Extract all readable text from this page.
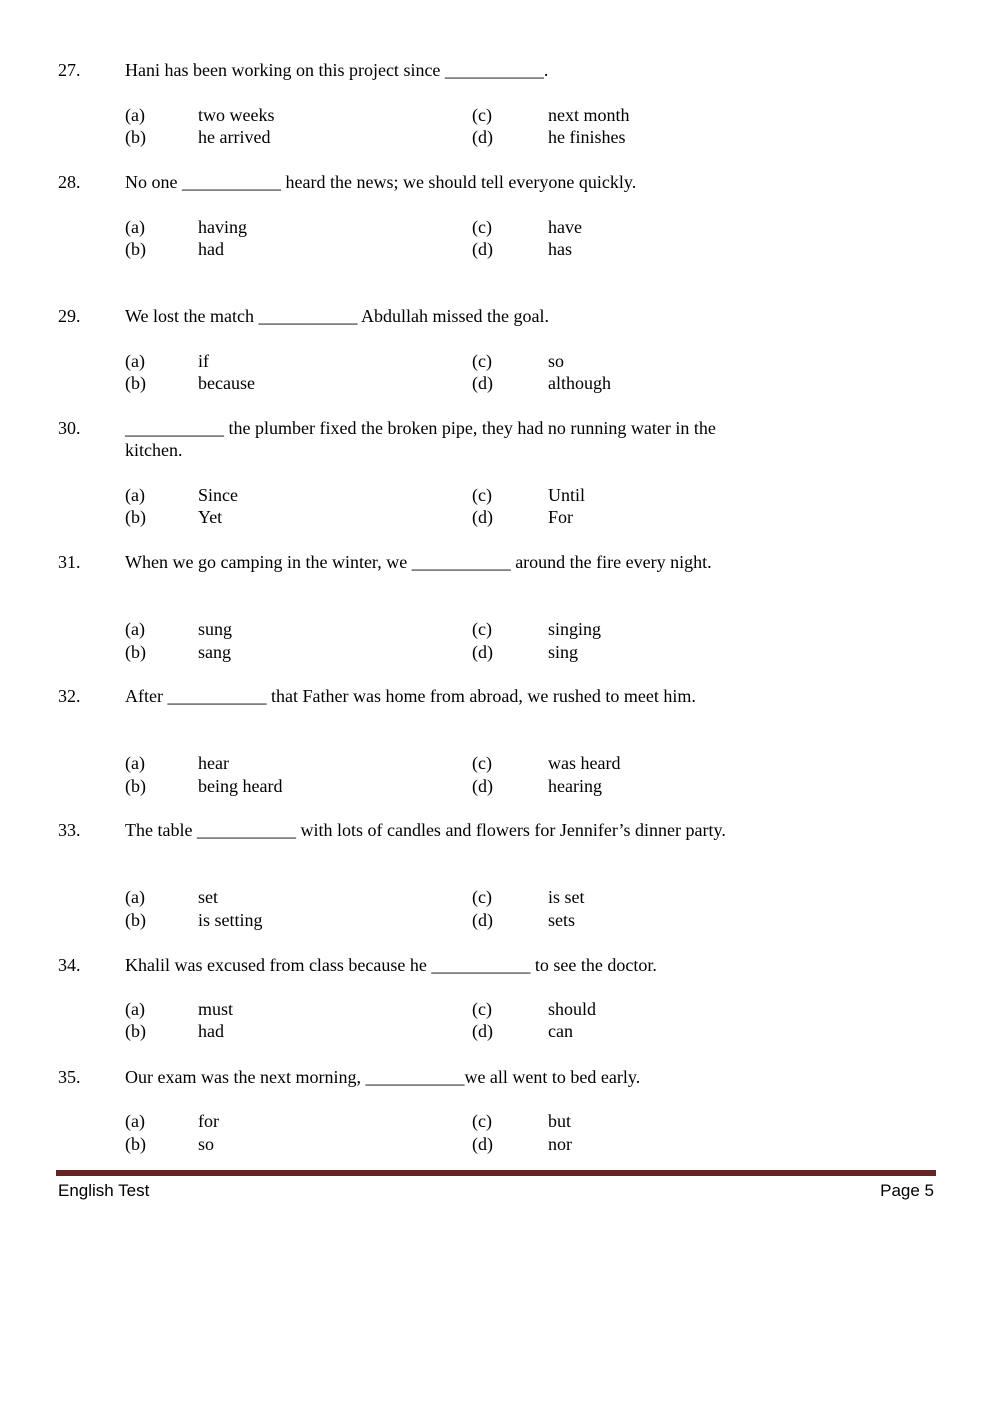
27. Hani has been working on this project since ___________.
(a)	two weeks	(c)	next month
(b)	he arrived	(d)	he finishes
28. No one ___________ heard the news; we should tell everyone quickly.
(a)	having	(c)	have
(b)	had	(d)	has
29. We lost the match ___________ Abdullah missed the goal.
(a)	if	(c)	so
(b)	because	(d)	although
30. ___________ the plumber fixed the broken pipe, they had no running water in the kitchen.
(a)	Since	(c)	Until
(b)	Yet	(d)	For
31. When we go camping in the winter, we ___________ around the fire every night.
(a)	sung	(c)	singing
(b)	sang	(d)	sing
32. After ___________ that Father was home from abroad, we rushed to meet him.
(a)	hear	(c)	was heard
(b)	being heard	(d)	hearing
33. The table ___________ with lots of candles and flowers for Jennifer’s dinner party.
(a)	set	(c)	is set
(b)	is setting	(d)	sets
34. Khalil was excused from class because he ___________ to see the doctor.
(a)	must	(c)	should
(b)	had	(d)	can
35. Our exam was the next morning, ___________we all went to bed early.
(a)	for	(c)	but
(b)	so	(d)	nor
English Test	Page 5
